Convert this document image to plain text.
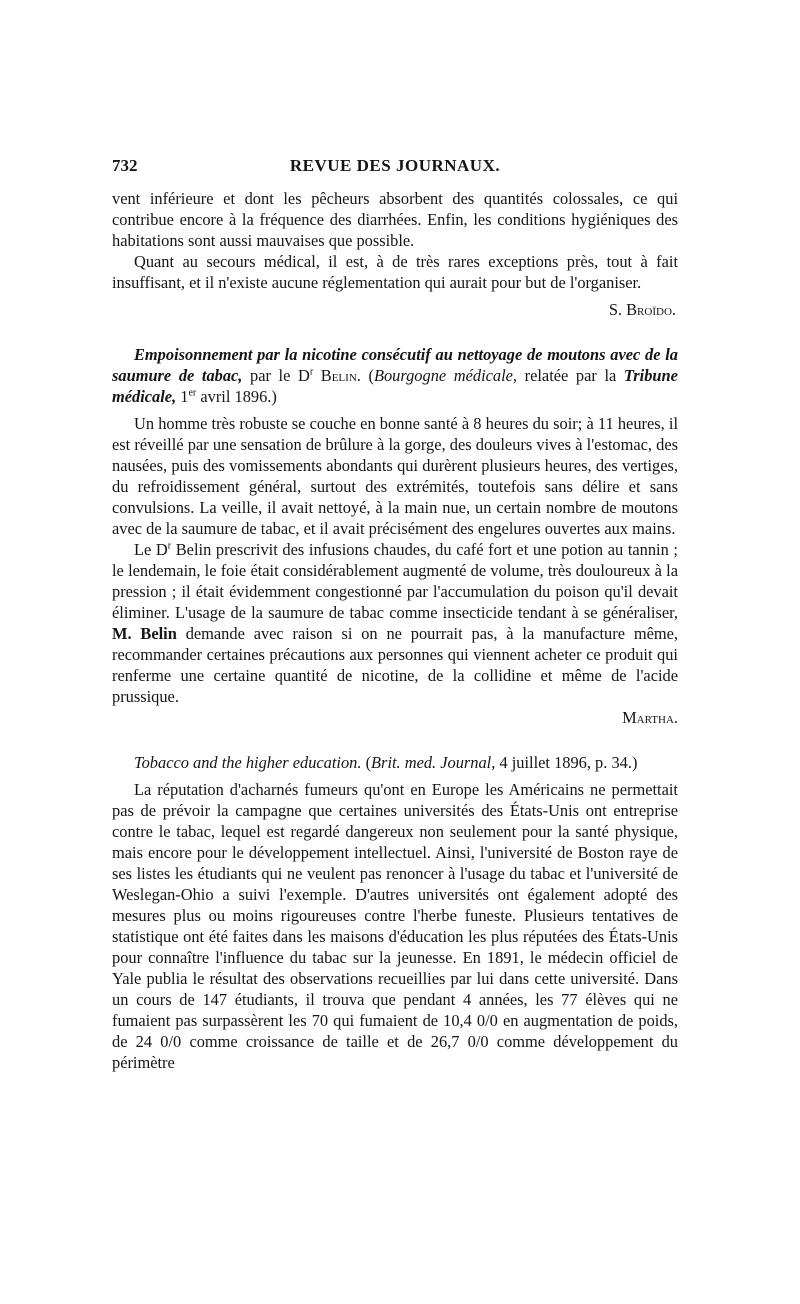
732	REVUE DES JOURNAUX.

vent inférieure et dont les pêcheurs absorbent des quantités colossales, ce qui contribue encore à la fréquence des diarrhées. Enfin, les conditions hygiéniques des habitations sont aussi mauvaises que possible.

Quant au secours médical, il est, à de très rares exceptions près, tout à fait insuffisant, et il n'existe aucune réglementation qui aurait pour but de l'organiser.

S. Broïdo.

Empoisonnement par la nicotine consécutif au nettoyage de moutons avec de la saumure de tabac, par le $D^r$ Belin. (Bourgogne médicale, relatée par la Tribune médicale, 1er avril 1896.)

Un homme très robuste se couche en bonne santé à 8 heures du soir; à 11 heures, il est réveillé par une sensation de brûlure à la gorge, des douleurs vives à l'estomac, des nausées, puis des vomissements abondants qui durèrent plusieurs heures, des vertiges, du refroidissement général, surtout des extrémités, toutefois sans délire et sans convulsions. La veille, il avait nettoyé, à la main nue, un certain nombre de moutons avec de la saumure de tabac, et il avait précisément des engelures ouvertes aux mains.

Le $D^r$ Belin prescrivit des infusions chaudes, du café fort et une potion au tannin ; le lendemain, le foie était considérablement augmenté de volume, très douloureux à la pression ; il était évidemment congestionné par l'accumulation du poison qu'il devait éliminer. L'usage de la saumure de tabac comme insecticide tendant à se généraliser, M. Belin demande avec raison si on ne pourrait pas, à la manufacture même, recommander certaines précautions aux personnes qui viennent acheter ce produit qui renferme une certaine quantité de nicotine, de la collidine et même de l'acide prussique.

Martha.

Tobacco and the higher education. (Brit. med. Journal, 4 juillet 1896, p. 34.)

La réputation d'acharnés fumeurs qu'ont en Europe les Américains ne permettait pas de prévoir la campagne que certaines universités des États-Unis ont entreprise contre le tabac, lequel est regardé dangereux non seulement pour la santé physique, mais encore pour le développement intellectuel. Ainsi, l'université de Boston raye de ses listes les étudiants qui ne veulent pas renoncer à l'usage du tabac et l'université de Weslegan-Ohio a suivi l'exemple. D'autres universités ont également adopté des mesures plus ou moins rigoureuses contre l'herbe funeste. Plusieurs tentatives de statistique ont été faites dans les maisons d'éducation les plus réputées des États-Unis pour connaître l'influence du tabac sur la jeunesse. En 1891, le médecin officiel de Yale publia le résultat des observations recueillies par lui dans cette université. Dans un cours de 147 étudiants, il trouva que pendant 4 années, les 77 élèves qui ne fumaient pas surpassèrent les 70 qui fumaient de 10,4 0/0 en augmentation de poids, de 24 0/0 comme croissance de taille et de 26,7 0/0 comme développement du périmètre
